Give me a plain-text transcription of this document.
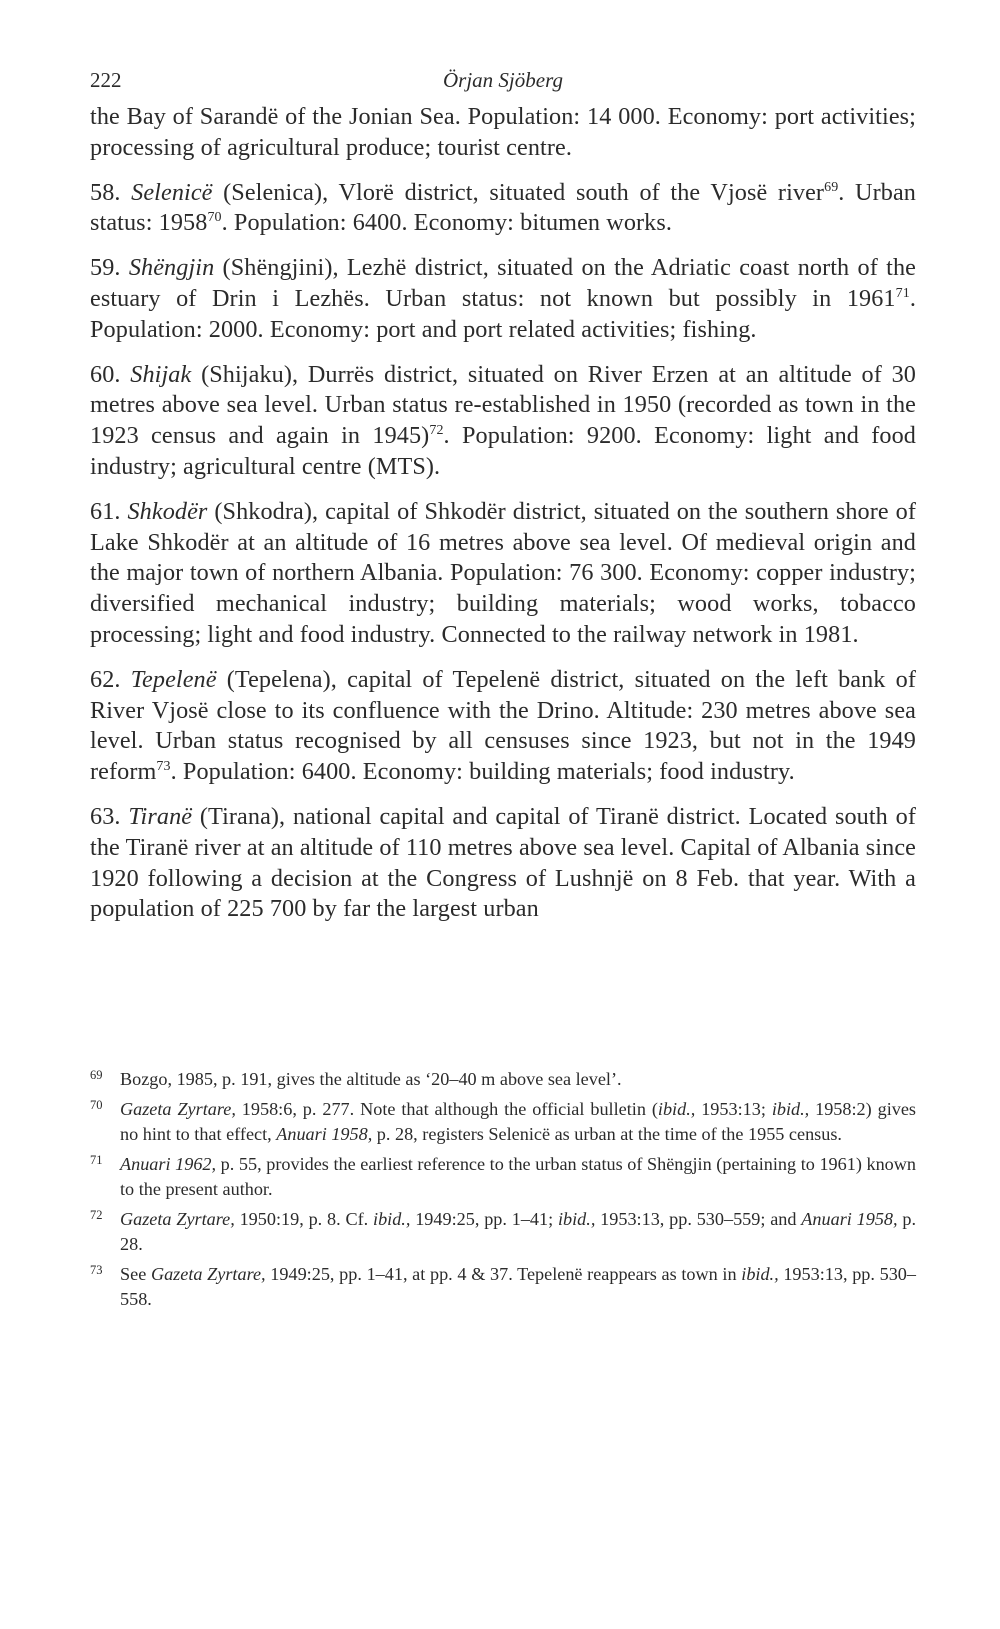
222	Örjan Sjöberg

the Bay of Sarandë of the Jonian Sea. Population: 14 000. Economy: port activities; processing of agricultural produce; tourist centre.

58. Selenicë (Selenica), Vlorë district, situated south of the Vjosë river$^{69}$. Urban status: 1958$^{70}$. Population: 6400. Economy: bitumen works.

59. Shëngjin (Shëngjini), Lezhë district, situated on the Adriatic coast north of the estuary of Drin i Lezhës. Urban status: not known but possibly in 1961$^{71}$. Population: 2000. Economy: port and port related activities; fishing.

60. Shijak (Shijaku), Durrës district, situated on River Erzen at an altitude of 30 metres above sea level. Urban status re-established in 1950 (recorded as town in the 1923 census and again in 1945)$^{72}$. Population: 9200. Economy: light and food industry; agricultural centre (MTS).

61. Shkodër (Shkodra), capital of Shkodër district, situated on the southern shore of Lake Shkodër at an altitude of 16 metres above sea level. Of medieval origin and the major town of northern Albania. Population: 76 300. Economy: copper industry; diversified mechanical industry; building materials; wood works, tobacco processing; light and food industry. Connected to the railway network in 1981.

62. Tepelenë (Tepelena), capital of Tepelenë district, situated on the left bank of River Vjosë close to its confluence with the Drino. Altitude: 230 metres above sea level. Urban status recognised by all censuses since 1923, but not in the 1949 reform$^{73}$. Population: 6400. Economy: building materials; food industry.

63. Tiranë (Tirana), national capital and capital of Tiranë district. Located south of the Tiranë river at an altitude of 110 metres above sea level. Capital of Albania since 1920 following a decision at the Congress of Lushnjë on 8 Feb. that year. With a population of 225 700 by far the largest urban

69 Bozgo, 1985, p. 191, gives the altitude as ‘20–40 m above sea level’.
70 Gazeta Zyrtare, 1958:6, p. 277. Note that although the official bulletin (ibid., 1953:13; ibid., 1958:2) gives no hint to that effect, Anuari 1958, p. 28, registers Selenicë as urban at the time of the 1955 census.
71 Anuari 1962, p. 55, provides the earliest reference to the urban status of Shëngjin (pertaining to 1961) known to the present author.
72 Gazeta Zyrtare, 1950:19, p. 8. Cf. ibid., 1949:25, pp. 1–41; ibid., 1953:13, pp. 530–559; and Anuari 1958, p. 28.
73 See Gazeta Zyrtare, 1949:25, pp. 1–41, at pp. 4 & 37. Tepelenë reappears as town in ibid., 1953:13, pp. 530–558.
